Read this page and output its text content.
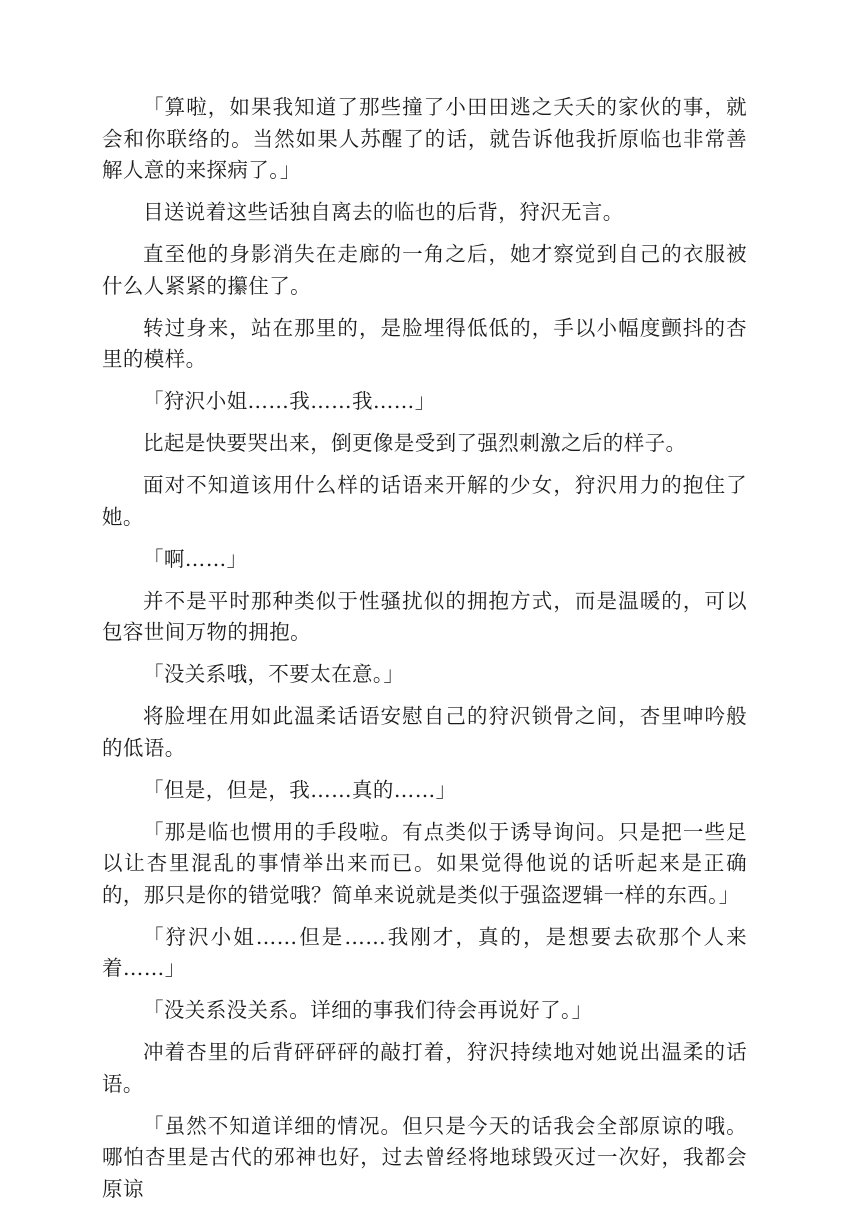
「算啦，如果我知道了那些撞了小田田逃之夭夭的家伙的事，就会和你联络的。当然如果人苏醒了的话，就告诉他我折原临也非常善解人意的来探病了。」

目送说着这些话独自离去的临也的后背，狩沢无言。

直至他的身影消失在走廊的一角之后，她才察觉到自己的衣服被什么人紧紧的攥住了。

转过身来，站在那里的，是脸埋得低低的，手以小幅度颤抖的杏里的模样。

「狩沢小姐……我……我……」

比起是快要哭出来，倒更像是受到了强烈刺激之后的样子。

面对不知道该用什么样的话语来开解的少女，狩沢用力的抱住了她。

「啊……」

并不是平时那种类似于性骚扰似的拥抱方式，而是温暖的，可以包容世间万物的拥抱。

「没关系哦，不要太在意。」

将脸埋在用如此温柔话语安慰自己的狩沢锁骨之间，杏里呻吟般的低语。

「但是，但是，我……真的……」

「那是临也惯用的手段啦。有点类似于诱导询问。只是把一些足以让杏里混乱的事情举出来而已。如果觉得他说的话听起来是正确的，那只是你的错觉哦？简单来说就是类似于强盗逻辑一样的东西。」

「狩沢小姐……但是……我刚才，真的，是想要去砍那个人来着……」

「没关系没关系。详细的事我们待会再说好了。」

冲着杏里的后背砰砰砰的敲打着，狩沢持续地对她说出温柔的话语。

「虽然不知道详细的情况。但只是今天的话我会全部原谅的哦。哪怕杏里是古代的邪神也好，过去曾经将地球毁灭过一次好，我都会原谅
